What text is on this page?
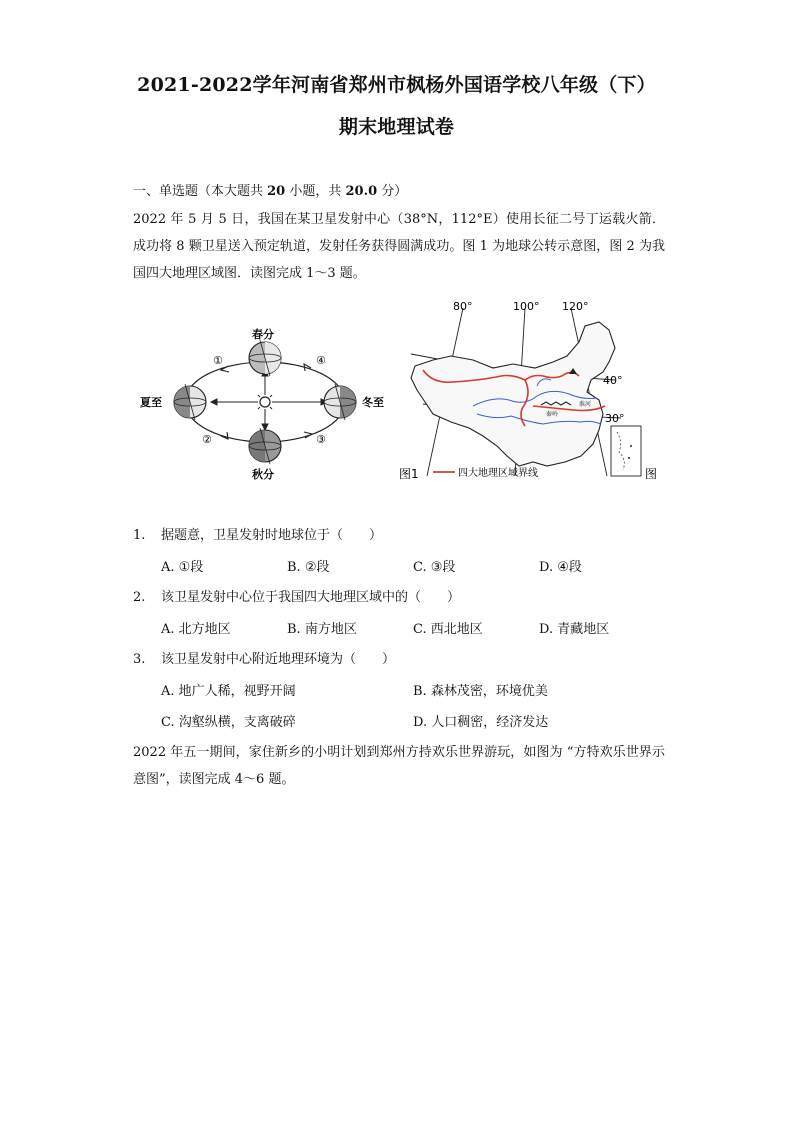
2021-2022学年河南省郑州市枫杨外国语学校八年级（下）
期末地理试卷
一、单选题（本大题共 20 小题，共 20.0 分）
2022 年 5 月 5 日，我国在某卫星发射中心（38°N，112°E）使用长征二号丁运载火箭．成功将 8 颗卫星送入预定轨道，发射任务获得圆满成功。图 1 为地球公转示意图，图 2 为我国四大地理区域图．读图完成 1～3 题。
春分
秋分
夏至	冬至
①
②	③
④
秦岭
淮河
80°	100° 120°
40°
30°
四大地理区域界线
图1	图
1. 据题意，卫星发射时地球位于（　　）
A. ①段	B. ②段	C. ③段	D. ④段
2. 该卫星发射中心位于我国四大地理区域中的（　　）
A. 北方地区	B. 南方地区	C. 西北地区	D. 青藏地区
3. 该卫星发射中心附近地理环境为（　　）
A. 地广人稀，视野开阔	B. 森林茂密，环境优美
C. 沟壑纵横，支离破碎	D. 人口稠密，经济发达
2022 年五一期间，家住新乡的小明计划到郑州方持欢乐世界游玩，如图为 “方特欢乐世界示意图”，读图完成 4～6 题。
